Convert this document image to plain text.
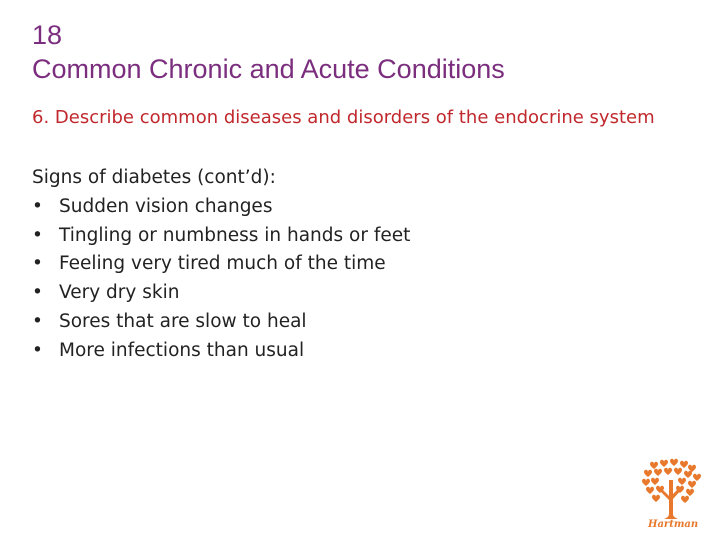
18
Common Chronic and Acute Conditions
6. Describe common diseases and disorders of the endocrine system
Signs of diabetes (cont’d):
• Sudden vision changes
• Tingling or numbness in hands or feet
• Feeling very tired much of the time
• Very dry skin
• Sores that are slow to heal
• More infections than usual
Hartman
